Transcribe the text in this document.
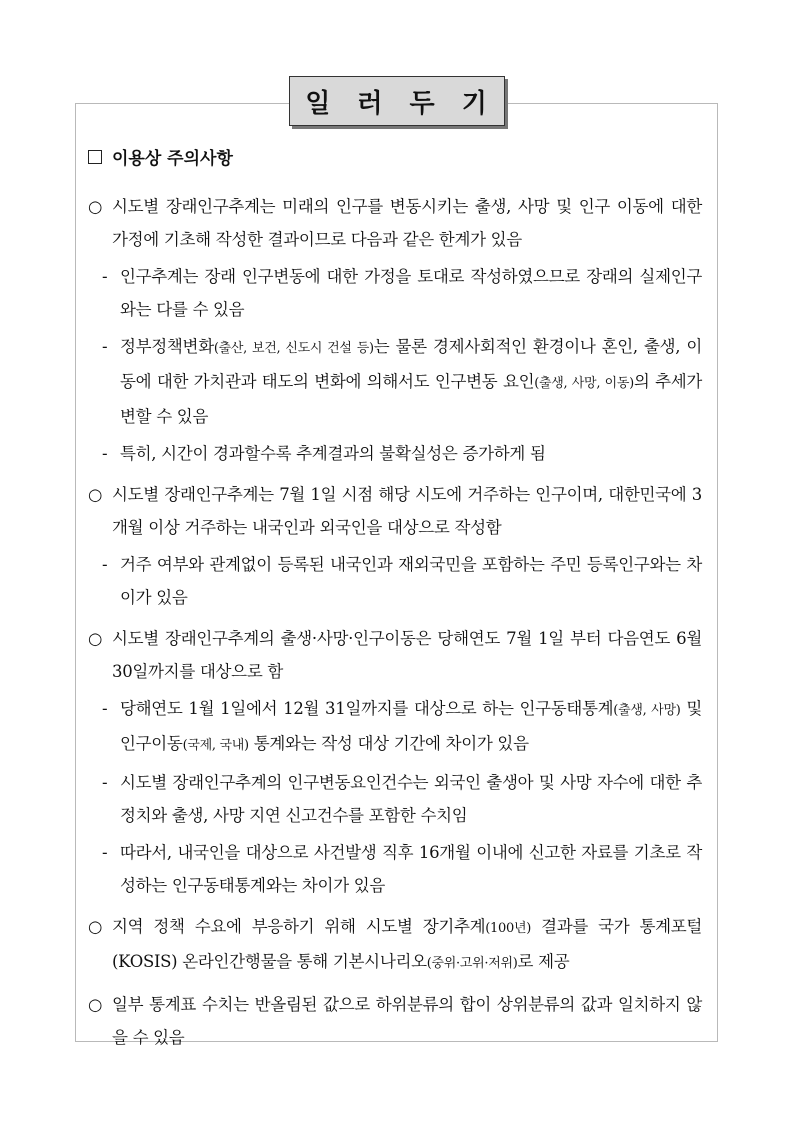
일 러 두 기
이용상 주의사항
○ 시도별 장래인구추계는 미래의 인구를 변동시키는 출생, 사망 및 인구 이동에 대한 가정에 기초해 작성한 결과이므로 다음과 같은 한계가 있음
- 인구추계는 장래 인구변동에 대한 가정을 토대로 작성하였으므로 장래의 실제인구와는 다를 수 있음
- 정부정책변화(출산, 보건, 신도시 건설 등)는 물론 경제사회적인 환경이나 혼인, 출생, 이동에 대한 가치관과 태도의 변화에 의해서도 인구변동 요인(출생, 사망, 이동)의 추세가 변할 수 있음
- 특히, 시간이 경과할수록 추계결과의 불확실성은 증가하게 됨
○ 시도별 장래인구추계는 7월 1일 시점 해당 시도에 거주하는 인구이며, 대한민국에 3개월 이상 거주하는 내국인과 외국인을 대상으로 작성함
- 거주 여부와 관계없이 등록된 내국인과 재외국민을 포함하는 주민 등록인구와는 차이가 있음
○ 시도별 장래인구추계의 출생·사망·인구이동은 당해연도 7월 1일 부터 다음연도 6월 30일까지를 대상으로 함
- 당해연도 1월 1일에서 12월 31일까지를 대상으로 하는 인구동태통계(출생, 사망) 및 인구이동(국제, 국내) 통계와는 작성 대상 기간에 차이가 있음
- 시도별 장래인구추계의 인구변동요인건수는 외국인 출생아 및 사망 자수에 대한 추정치와 출생, 사망 지연 신고건수를 포함한 수치임
- 따라서, 내국인을 대상으로 사건발생 직후 16개월 이내에 신고한 자료를 기초로 작성하는 인구동태통계와는 차이가 있음
○ 지역 정책 수요에 부응하기 위해 시도별 장기추계(100년) 결과를 국가 통계포털(KOSIS) 온라인간행물을 통해 기본시나리오(중위·고위·저위)로 제공
○ 일부 통계표 수치는 반올림된 값으로 하위분류의 합이 상위분류의 값과 일치하지 않을 수 있음
